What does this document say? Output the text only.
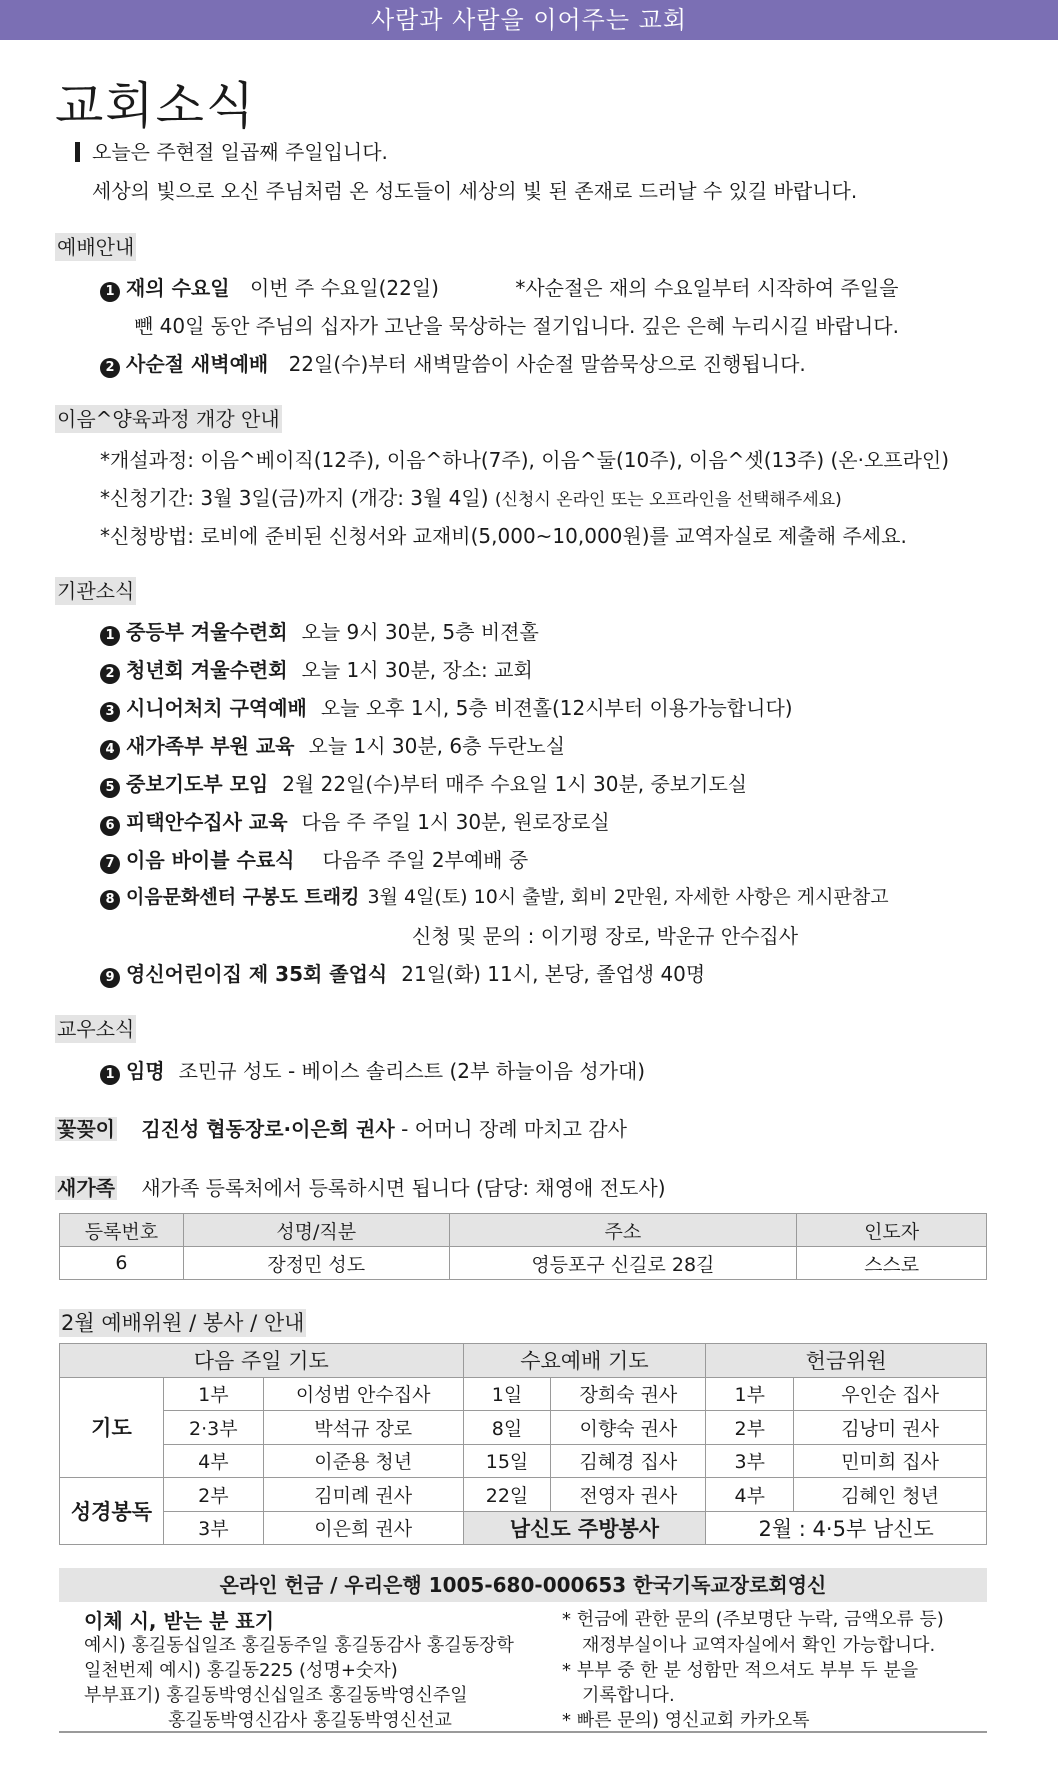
사람과 사람을 이어주는 교회
교회소식
오늘은 주현절 일곱째 주일입니다.
세상의 빛으로 오신 주님처럼 온 성도들이 세상의 빛 된 존재로 드러날 수 있길 바랍니다.
예배안내
1 재의 수요일 이번 주 수요일(22일)	*사순절은 재의 수요일부터 시작하여 주일을
뺀 40일 동안 주님의 십자가 고난을 묵상하는 절기입니다. 깊은 은혜 누리시길 바랍니다.
2 사순절 새벽예배 22일(수)부터 새벽말씀이 사순절 말씀묵상으로 진행됩니다.
이음^양육과정 개강 안내
*개설과정: 이음^베이직(12주), 이음^하나(7주), 이음^둘(10주), 이음^셋(13주) (온·오프라인)
*신청기간: 3월 3일(금)까지 (개강: 3월 4일) (신청시 온라인 또는 오프라인을 선택해주세요)
*신청방법: 로비에 준비된 신청서와 교재비(5,000~10,000원)를 교역자실로 제출해 주세요.
기관소식
1 중등부 겨울수련회 오늘 9시 30분, 5층 비젼홀
2 청년회 겨울수련회 오늘 1시 30분, 장소: 교회
3 시니어처치 구역예배 오늘 오후 1시, 5층 비젼홀(12시부터 이용가능합니다)
4 새가족부 부원 교육 오늘 1시 30분, 6층 두란노실
5 중보기도부 모임 2월 22일(수)부터 매주 수요일 1시 30분, 중보기도실
6 피택안수집사 교육 다음 주 주일 1시 30분, 원로장로실
7 이음 바이블 수료식 다음주 주일 2부예배 중
8 이음문화센터 구봉도 트래킹 3월 4일(토) 10시 출발, 회비 2만원, 자세한 사항은 게시판참고
신청 및 문의 : 이기평 장로, 박운규 안수집사
9 영신어린이집 제 35회 졸업식 21일(화) 11시, 본당, 졸업생 40명
교우소식
1 임명 조민규 성도 - 베이스 솔리스트 (2부 하늘이음 성가대)
꽃꽂이 김진성 협동장로·이은희 권사 - 어머니 장례 마치고 감사
새가족 새가족 등록처에서 등록하시면 됩니다 (담당: 채영애 전도사)
등록번호	성명/직분	주소	인도자
6	장정민 성도	영등포구 신길로 28길	스스로
2월 예배위원 / 봉사 / 안내
다음 주일 기도			수요예배 기도		헌금위원	
기도	1부	이성범 안수집사	1일	장희숙 권사	1부	우인순 집사
	2·3부	박석규 장로	8일	이향숙 권사	2부	김낭미 권사
	4부	이준용 청년	15일	김혜경 집사	3부	민미희 집사
성경봉독	2부	김미례 권사	22일	전영자 권사	4부	김혜인 청년
	3부	이은희 권사	남신도 주방봉사		2월 : 4·5부 남신도	
온라인 헌금 / 우리은행 1005-680-000653 한국기독교장로회영신
이체 시, 받는 분 표기
예시) 홍길동십일조 홍길동주일 홍길동감사 홍길동장학
일천번제 예시) 홍길동225 (성명+숫자)
부부표기) 홍길동박영신십일조 홍길동박영신주일
홍길동박영신감사 홍길동박영신선교
* 헌금에 관한 문의 (주보명단 누락, 금액오류 등)
재정부실이나 교역자실에서 확인 가능합니다.
* 부부 중 한 분 성함만 적으셔도 부부 두 분을
기록합니다.
* 빠른 문의) 영신교회 카카오톡
